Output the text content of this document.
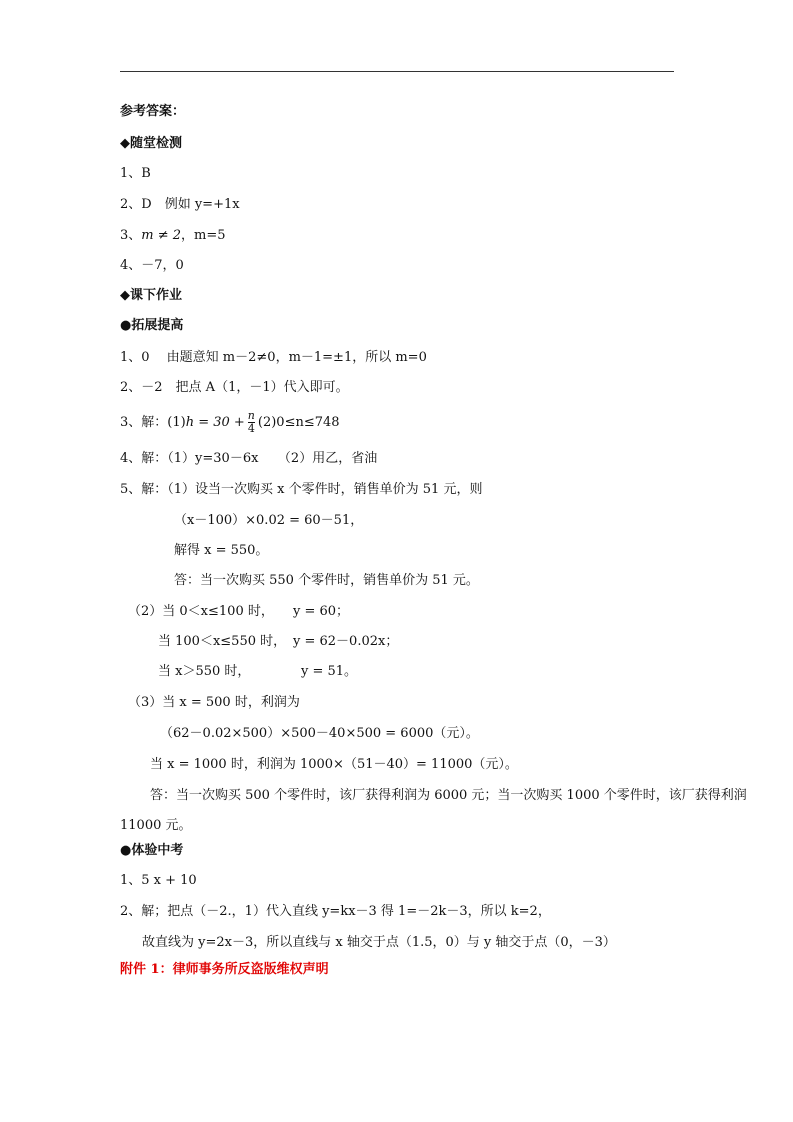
参考答案：
◆随堂检测
1、B
2、D　例如 y=+1x
3、m ≠ 2，m=5
4、－7，0
◆课下作业
●拓展提高
1、0　 由题意知 m－2≠0，m－1=±1，所以 m=0
2、－2　把点 A（1，－1）代入即可。
3、解：$(1)h = 30 + \frac{n}{4} (2)0\le n\le 748$
4、解：（1）y=30－6x　　（2）用乙，省油
5、解：（1）设当一次购买 x 个零件时，销售单价为 51 元，则
（x－100）×0.02 = 60－51，
解得 x = 550。
答：当一次购买 550 个零件时，销售单价为 51 元。
（2）当 0＜x≤100 时， y = 60；
当 100＜x≤550 时， y = 62－0.02x；
当 x＞550 时，	y = 51。
（3）当 x = 500 时，利润为
（62－0.02×500）×500－40×500 = 6000（元）。
当 x = 1000 时，利润为 1000×（51－40）= 11000（元）。
答：当一次购买 500 个零件时，该厂获得利润为 6000 元；当一次购买 1000 个零件时，该厂获得利润
11000 元。
●体验中考
1、5 x + 10
2、解；把点（－2.，1）代入直线 y=kx－3 得 1=－2k－3，所以 k=2，
故直线为 y=2x－3，所以直线与 x 轴交于点（1.5，0）与 y 轴交于点（0，－3）
附件 1：律师事务所反盗版维权声明
